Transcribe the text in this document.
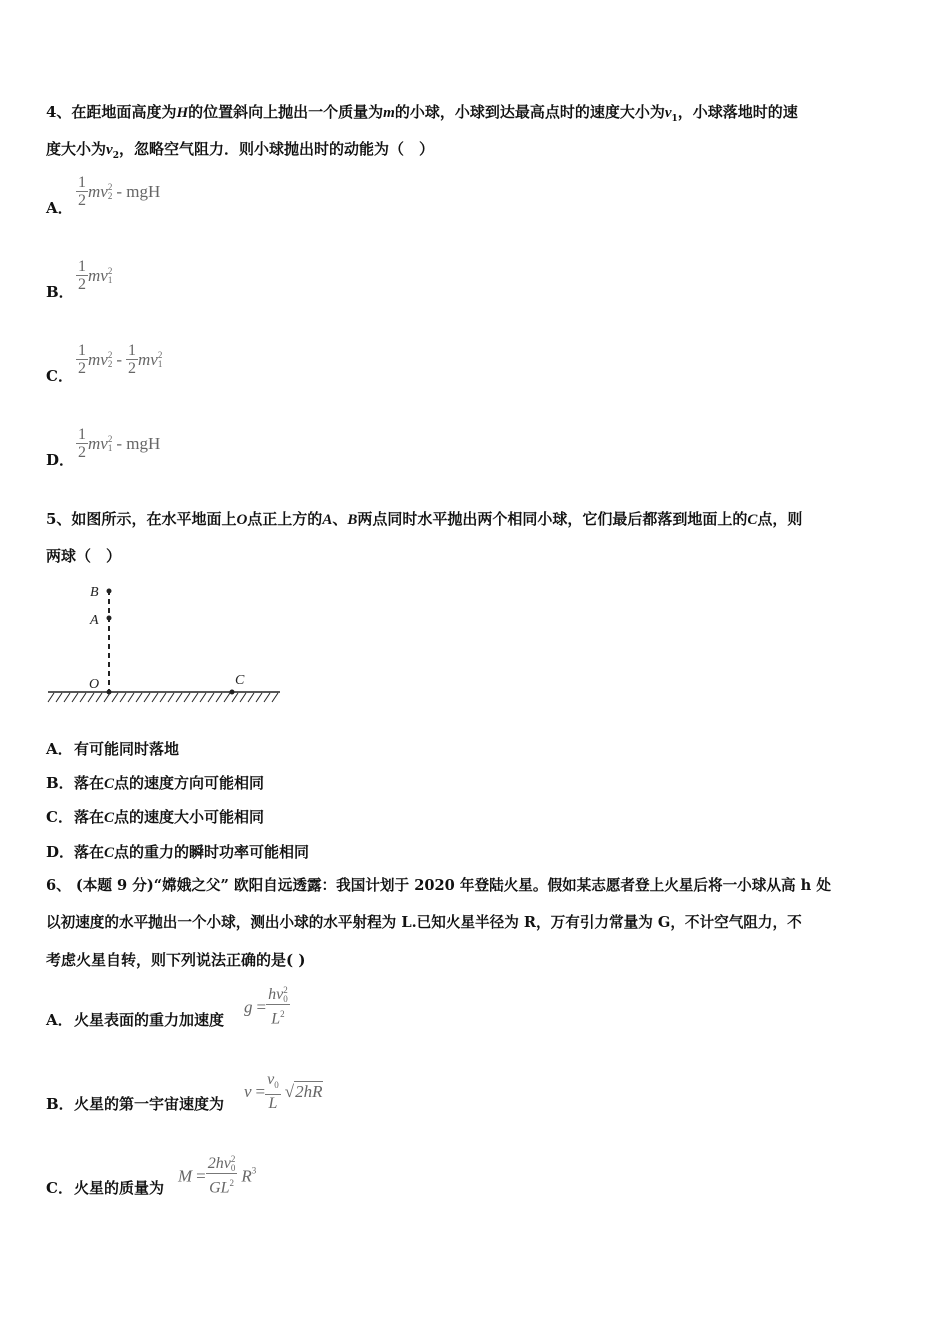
4、在距地面高度为H的位置斜向上抛出一个质量为m的小球，小球到达最高点时的速度大小为$v_1$，小球落地时的速
度大小为$v_2$，忽略空气阻力．则小球抛出时的动能为（　）
A． $\frac{1}{2}$ mv 2
2 - mgH
B． $\frac{1}{2}$ mv 2
1
C． $\frac{1}{2}$ mv 2
$2 - \frac{1}{2}$ mv 2
1
D． $\frac{1}{2}$ mv 2
1 - mgH
5、如图所示，在水平地面上O点正上方的A、B两点同时水平抛出两个相同小球，它们最后都落到地面上的C点，则
两球（　）
B
A
O	C
A．有可能同时落地
B．落在C点的速度方向可能相同
C．落在C点的速度大小可能相同
D．落在C点的重力的瞬时功率可能相同
6、 (本题 9 分)“嫦娥之父” 欧阳自远透露：我国计划于 2020 年登陆火星。假如某志愿者登上火星后将一小球从高 h 处
以初速度的水平抛出一个小球，测出小球的水平射程为 L.已知火星半径为 R，万有引力常量为 G，不计空气阻力，不
考虑火星自转，则下列说法正确的是( )
A．火星表面的重力加速度
g = hv 2
0
$L^2$
B．火星的第一宇宙速度为
$v = \frac{v_0}{L} √2hR$
C．火星的质量为
M = 2hv 2
0
$GL^2$ $R^3$
